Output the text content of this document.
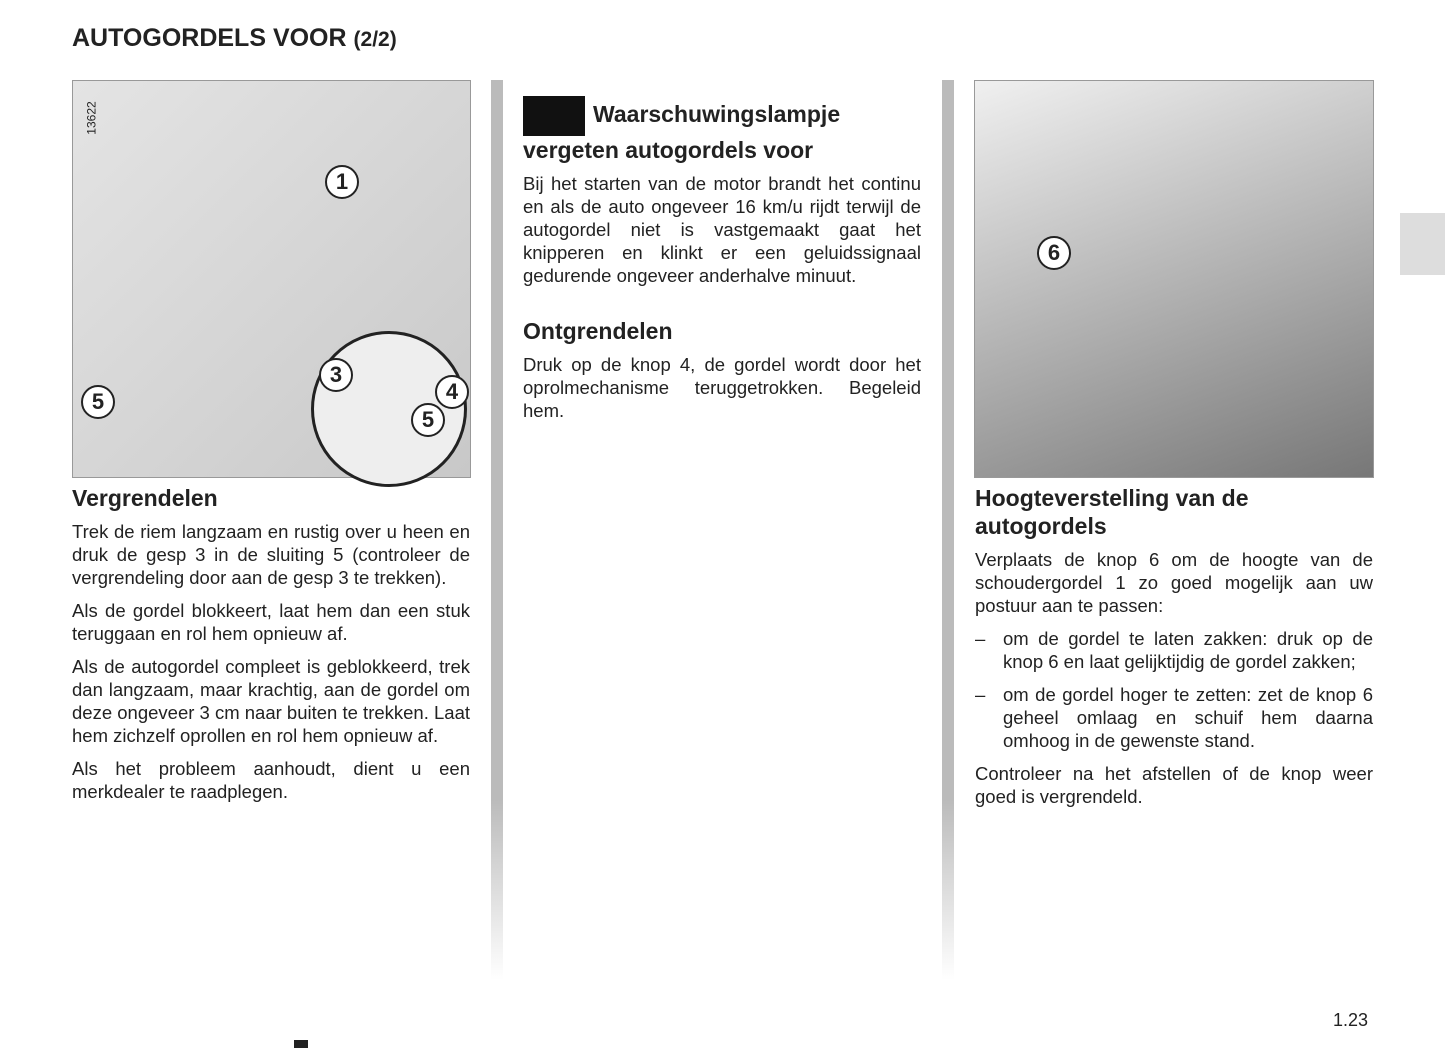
AUTOGORDELS VOOR (2/2)
13622
1
3
4
5
5
Vergrendelen

Trek de riem langzaam en rustig over u heen en druk de gesp 3 in de sluiting 5 (controleer de vergrendeling door aan de gesp 3 te trekken).

Als de gordel blokkeert, laat hem dan een stuk teruggaan en rol hem opnieuw af.

Als de autogordel compleet is geblokkeerd, trek dan langzaam, maar krachtig, aan de gordel om deze ongeveer 3 cm naar buiten te trekken. Laat hem zichzelf oprollen en rol hem opnieuw af.

Als het probleem aanhoudt, dient u een merkdealer te raadplegen.

Waarschuwingslampje vergeten autogordels voor

Bij het starten van de motor brandt het continu en als de auto ongeveer 16 km/u rijdt terwijl de autogordel niet is vastgemaakt gaat het knipperen en klinkt er een geluidssignaal gedurende ongeveer anderhalve minuut.

Ontgrendelen

Druk op de knop 4, de gordel wordt door het oprolmechanisme teruggetrokken. Begeleid hem.

6
Hoogteverstelling van de autogordels

Verplaats de knop 6 om de hoogte van de schoudergordel 1 zo goed mogelijk aan uw postuur aan te passen:

– om de gordel te laten zakken: druk op de knop 6 en laat gelijktijdig de gordel zakken;
– om de gordel hoger te zetten: zet de knop 6 geheel omlaag en schuif hem daarna omhoog in de gewenste stand.

Controleer na het afstellen of de knop weer goed is vergrendeld.

1.23
